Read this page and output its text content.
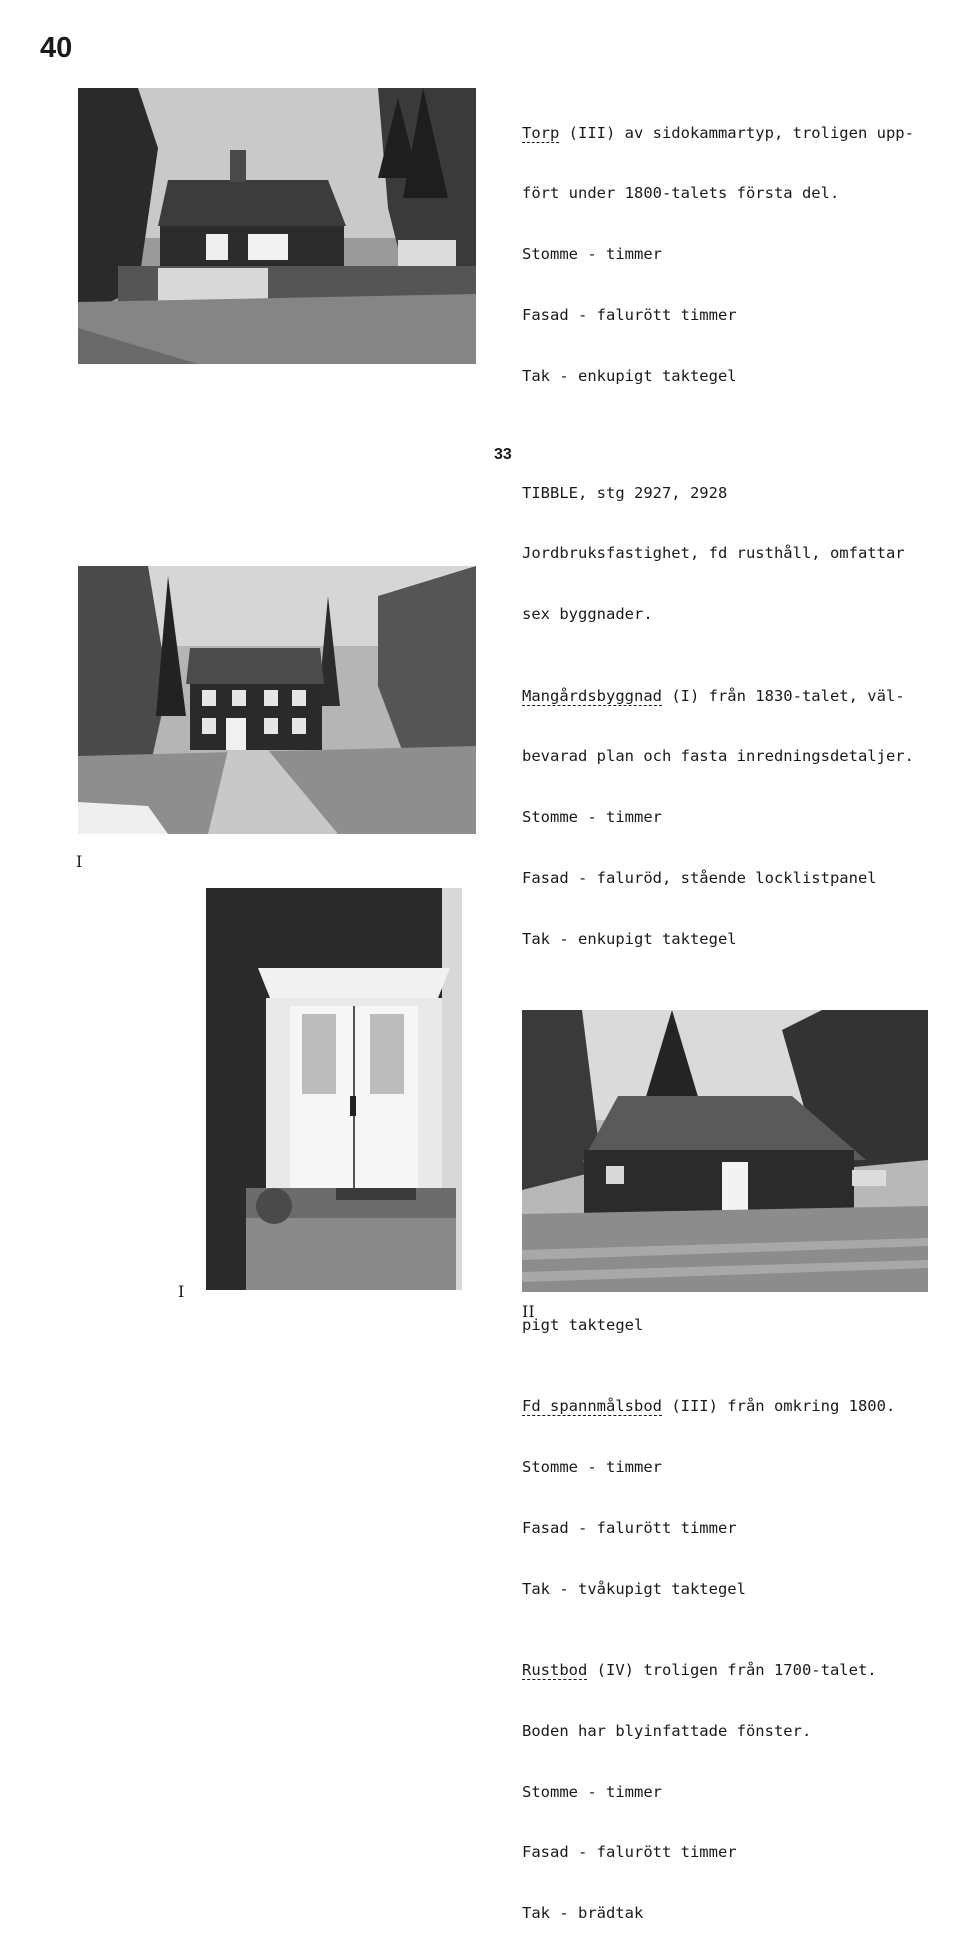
40

Torp (III) av sidokammartyp, troligen upp-

fört under 1800-talets första del.

Stomme - timmer

Fasad - falurött timmer

Tak - enkupigt taktegel

33

TIBBLE, stg 2927, 2928

Jordbruksfastighet, fd rusthåll, omfattar

sex byggnader.

Mangårdsbyggnad (I) från 1830-talet, väl-

bevarad plan och fasta inredningsdetaljer.

Stomme - timmer

Fasad - faluröd, stående locklistpanel

Tak - enkupigt taktegel

pigt taktegel

Fd spannmålsbod (III) från omkring 1800.

Stomme - timmer

Fasad - falurött timmer

Tak - tvåkupigt taktegel

Rustbod (IV) troligen från 1700-talet.

Boden har blyinfattade fönster.

Stomme - timmer

Fasad - falurött timmer

Tak - brädtak

I
I
II
